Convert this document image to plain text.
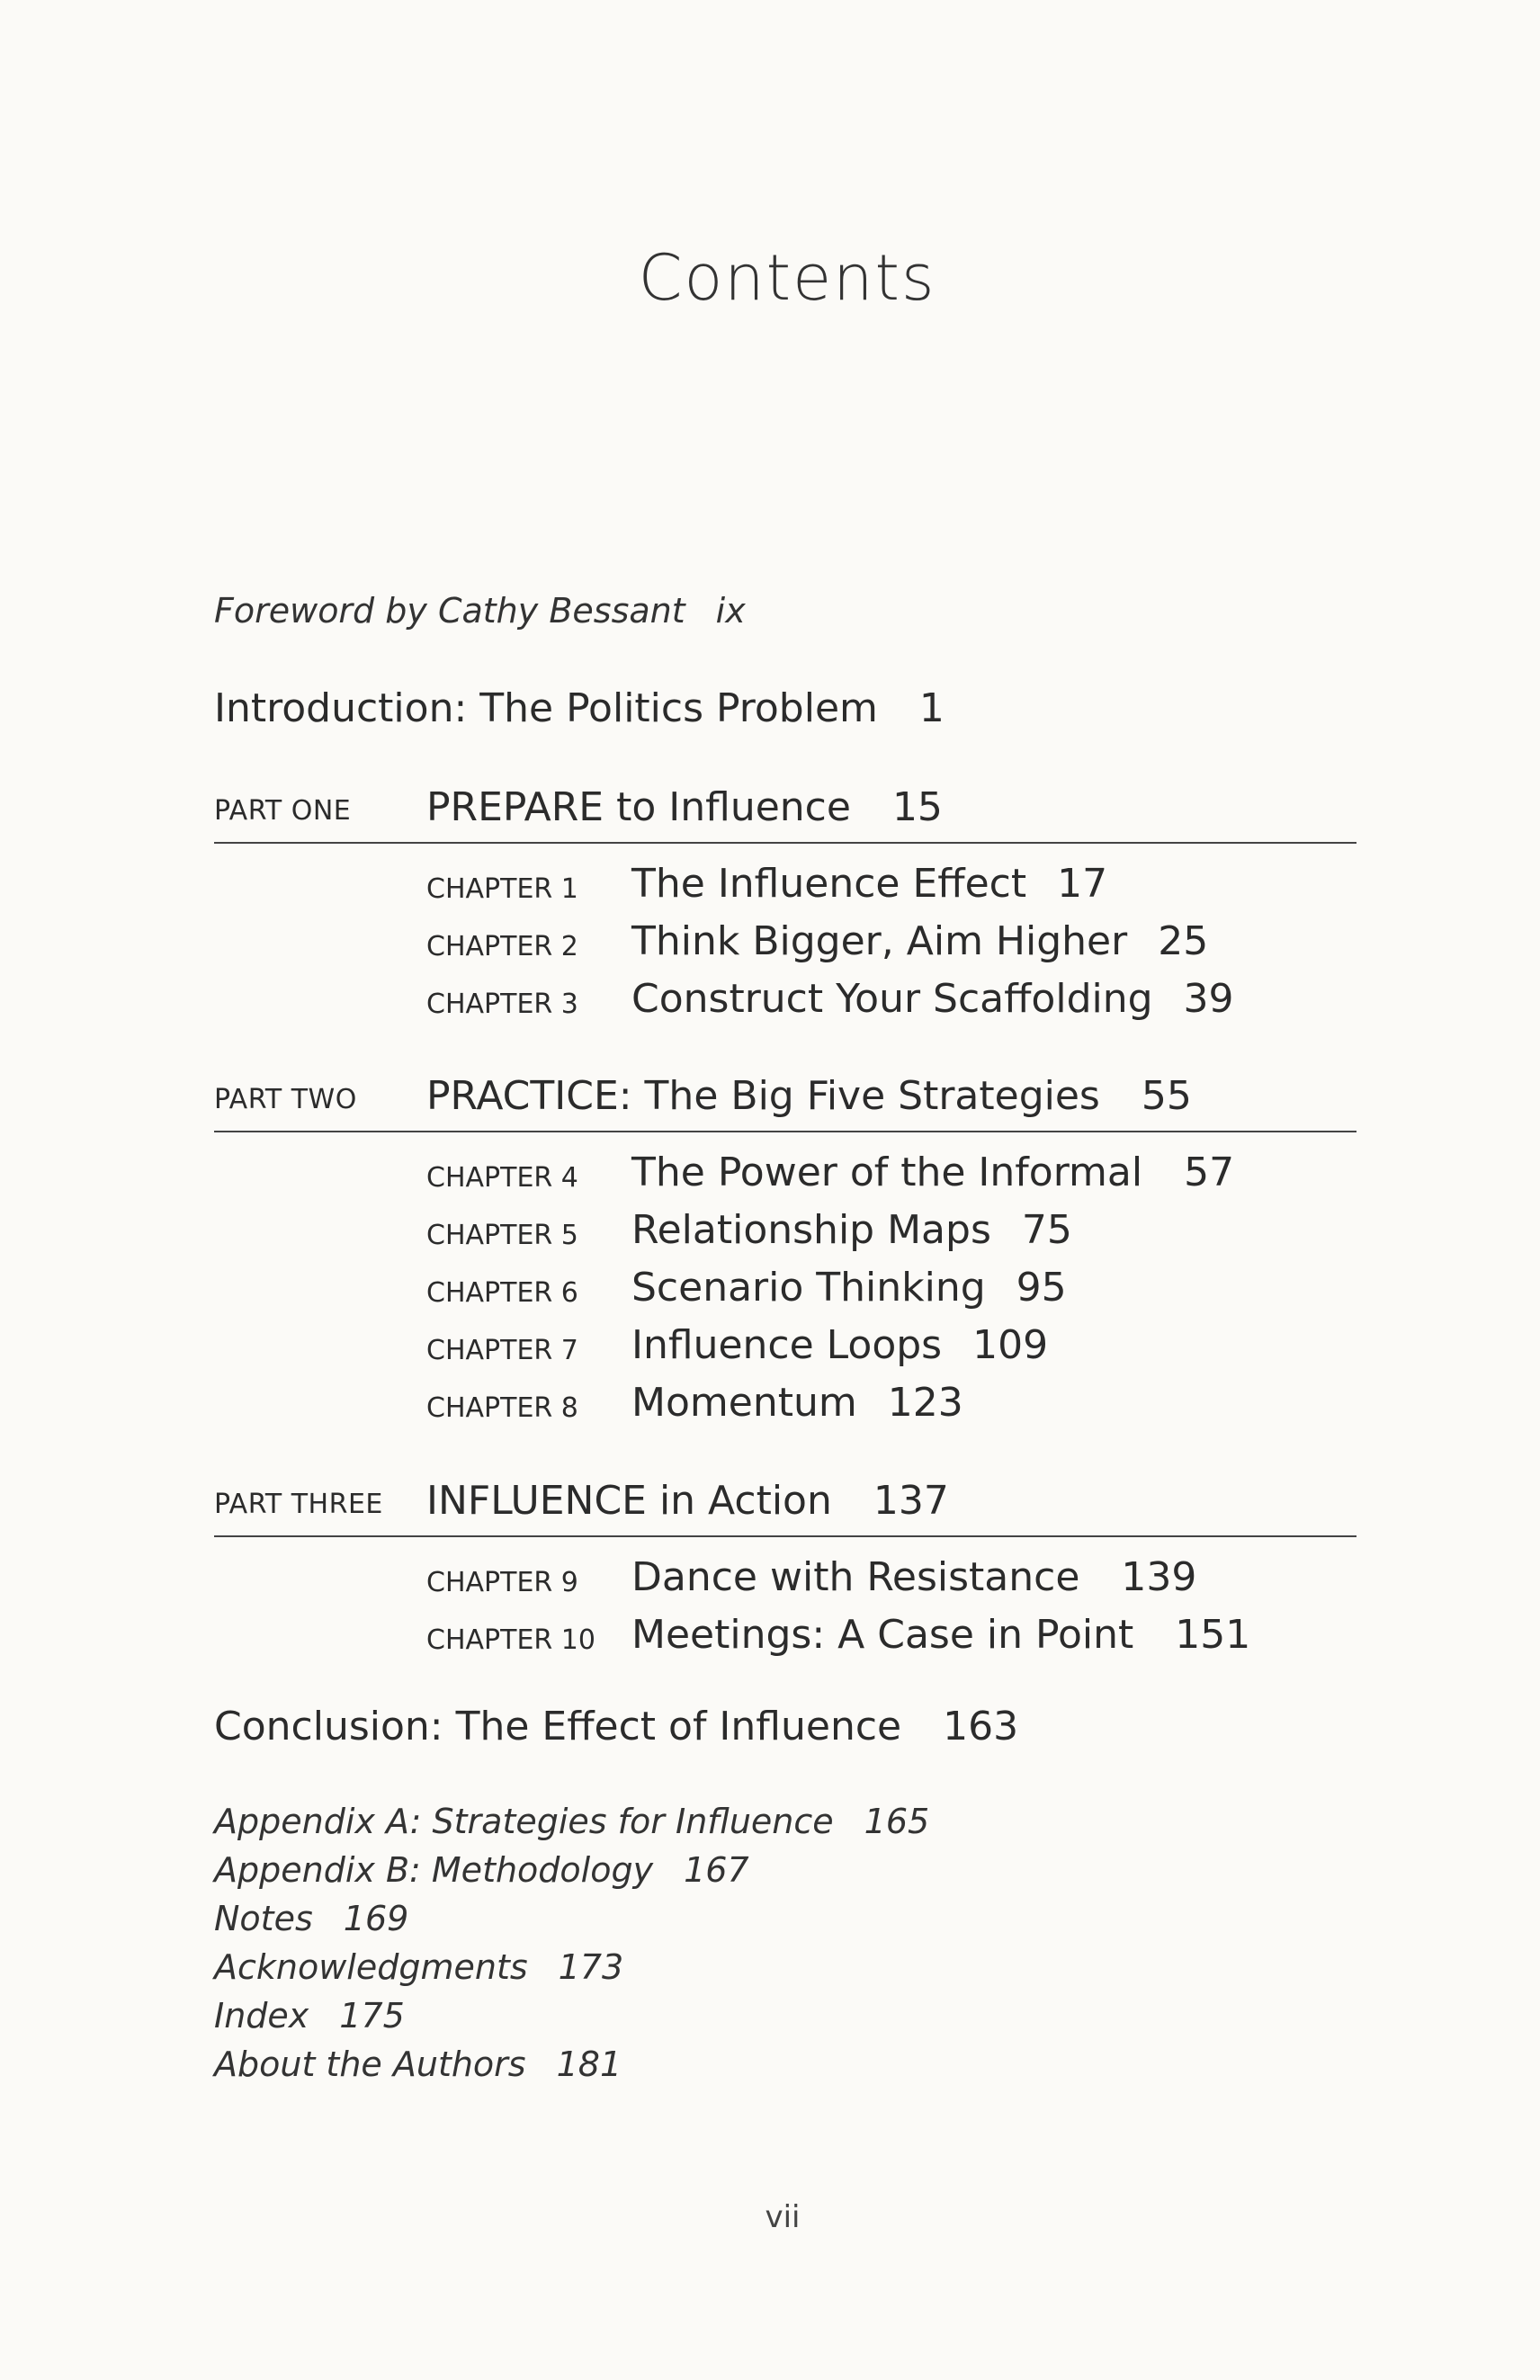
Contents
Foreword by Cathy Bessant ix
Introduction: The Politics Problem 1
PART ONE PREPARE to Influence 15
CHAPTER 1 The Influence Effect 17
CHAPTER 2 Think Bigger, Aim Higher 25
CHAPTER 3 Construct Your Scaffolding 39
PART TWO PRACTICE: The Big Five Strategies 55
CHAPTER 4 The Power of the Informal 57
CHAPTER 5 Relationship Maps 75
CHAPTER 6 Scenario Thinking 95
CHAPTER 7 Influence Loops 109
CHAPTER 8 Momentum 123
PART THREE INFLUENCE in Action 137
CHAPTER 9 Dance with Resistance 139
CHAPTER 10 Meetings: A Case in Point 151
Conclusion: The Effect of Influence 163
Appendix A: Strategies for Influence 165
Appendix B: Methodology 167
Notes 169
Acknowledgments 173
Index 175
About the Authors 181
vii
